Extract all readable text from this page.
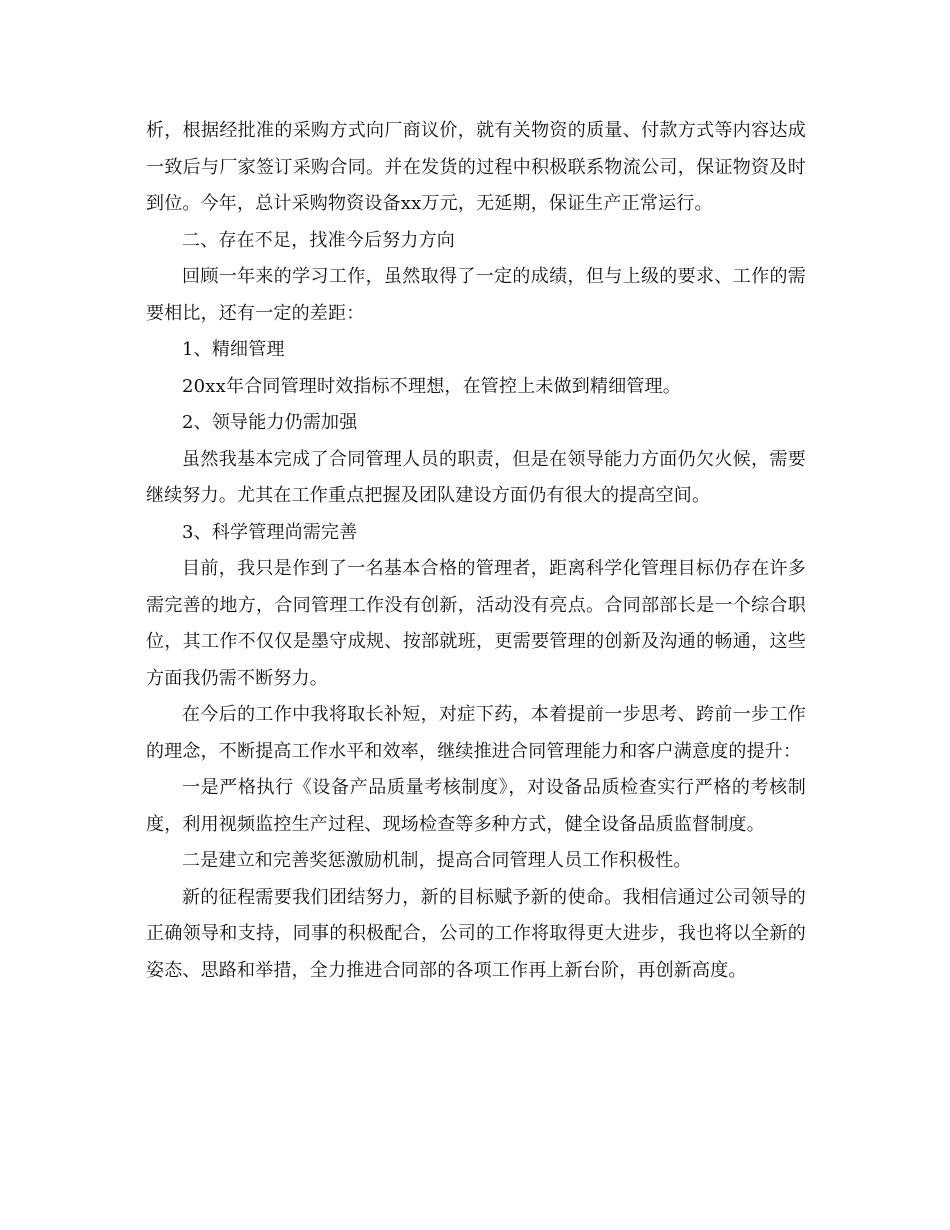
析，根据经批准的采购方式向厂商议价，就有关物资的质量、付款方式等内容达成一致后与厂家签订采购合同。并在发货的过程中积极联系物流公司，保证物资及时到位。今年，总计采购物资设备xx万元，无延期，保证生产正常运行。

二、存在不足，找准今后努力方向

回顾一年来的学习工作，虽然取得了一定的成绩，但与上级的要求、工作的需要相比，还有一定的差距：

1、精细管理

20xx年合同管理时效指标不理想，在管控上未做到精细管理。

2、领导能力仍需加强

虽然我基本完成了合同管理人员的职责，但是在领导能力方面仍欠火候，需要继续努力。尤其在工作重点把握及团队建设方面仍有很大的提高空间。

3、科学管理尚需完善

目前，我只是作到了一名基本合格的管理者，距离科学化管理目标仍存在许多需完善的地方，合同管理工作没有创新，活动没有亮点。合同部部长是一个综合职位，其工作不仅仅是墨守成规、按部就班，更需要管理的创新及沟通的畅通，这些方面我仍需不断努力。

在今后的工作中我将取长补短，对症下药，本着提前一步思考、跨前一步工作的理念，不断提高工作水平和效率，继续推进合同管理能力和客户满意度的提升：

一是严格执行《设备产品质量考核制度》，对设备品质检查实行严格的考核制度，利用视频监控生产过程、现场检查等多种方式，健全设备品质监督制度。

二是建立和完善奖惩激励机制，提高合同管理人员工作积极性。

新的征程需要我们团结努力，新的目标赋予新的使命。我相信通过公司领导的正确领导和支持，同事的积极配合，公司的工作将取得更大进步，我也将以全新的姿态、思路和举措，全力推进合同部的各项工作再上新台阶，再创新高度。
